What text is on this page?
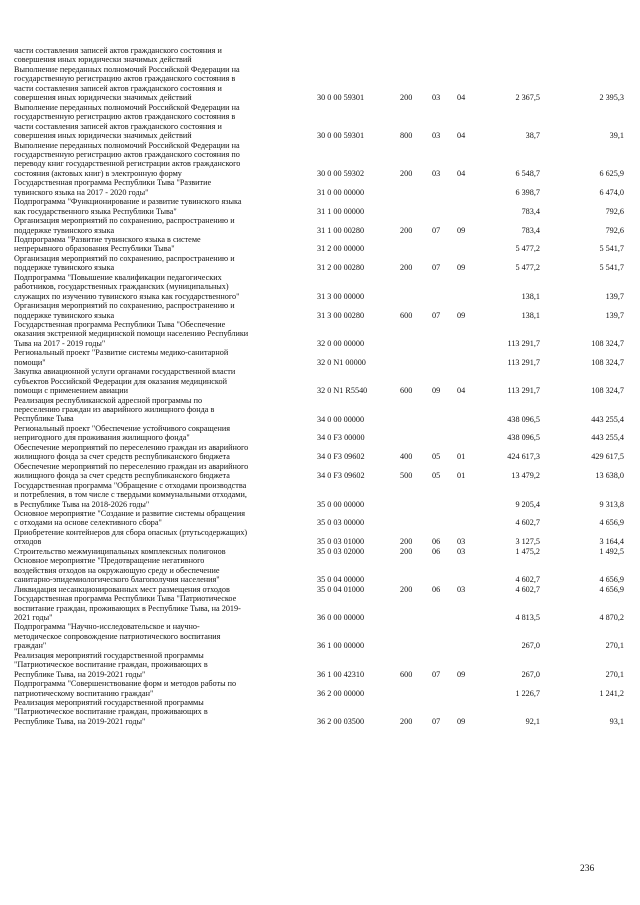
части составления записей актов гражданского состояния и
совершения иных юридически значимых действий
Выполнение переданных полномочий Российской Федерации на
государственную регистрацию актов гражданского состояния в
части составления записей актов гражданского состояния и
совершения иных юридически значимых действий	30 0 00 59301	200 03 04	2 367,5	2 395,3
Выполнение переданных полномочий Российской Федерации на
государственную регистрацию актов гражданского состояния в
части составления записей актов гражданского состояния и
совершения иных юридически значимых действий	30 0 00 59301	800 03 04	38,7	39,1
Выполнение переданных полномочий Российской Федерации на
государственную регистрацию актов гражданского состояния по
переводу книг государственной регистрации актов гражданского
состояния (актовых книг) в электронную форму	30 0 00 59302	200 03 04	6 548,7	6 625,9
Государственная программа Республики Тыва "Развитие
тувинского языка на 2017 - 2020 годы"	31 0 00 00000	6 398,7	6 474,0
Подпрограмма "Функционирование и развитие тувинского языка
как государственного языка Республики Тыва"	31 1 00 00000	783,4	792,6
Организация мероприятий по сохранению, распространению и
поддержке тувинского языка	31 1 00 00280	200 07 09	783,4	792,6
Подпрограмма "Развитие тувинского языка в системе
непрерывного образования Республики Тыва"	31 2 00 00000	5 477,2	5 541,7
Организация мероприятий по сохранению, распространению и
поддержке тувинского языка	31 2 00 00280	200 07 09	5 477,2	5 541,7
Подпрограмма "Повышение квалификации педагогических
работников, государственных гражданских (муниципальных)
служащих по изучению тувинского языка как государственного"	31 3 00 00000	138,1	139,7
Организация мероприятий по сохранению, распространению и
поддержке тувинского языка	31 3 00 00280	600 07 09	138,1	139,7
Государственная программа Республики Тыва "Обеспечение
оказания экстренной медицинской помощи населению Республики
Тыва на 2017 - 2019 годы"	32 0 00 00000	113 291,7	108 324,7
Региональный проект "Развитие системы медико-санитарной
помощи"	32 0 N1 00000	113 291,7	108 324,7
Закупка авиационной услуги органами государственной власти
субъектов Российской Федерации для оказания медицинской
помощи с применением авиации	32 0 N1 R5540	600 09 04	113 291,7	108 324,7
Реализация республиканской адресной программы по
переселению граждан из аварийного жилищного фонда в
Республике Тыва	34 0 00 00000	438 096,5	443 255,4
Региональный проект "Обеспечение устойчивого сокращения
непригодного для проживания жилищного фонда"	34 0 F3 00000	438 096,5	443 255,4
Обеспечение мероприятий по переселению граждан из аварийного
жилищного фонда за счет средств республиканского бюджета	34 0 F3 09602	400 05 01	424 617,3	429 617,5
Обеспечение мероприятий по переселению граждан из аварийного
жилищного фонда за счет средств республиканского бюджета	34 0 F3 09602	500 05 01	13 479,2	13 638,0
Государственная программа "Обращение с отходами производства
и потребления, в том числе с твердыми коммунальными отходами,
в Республике Тыва на 2018-2026 годы"	35 0 00 00000	9 205,4	9 313,8
Основное мероприятие "Создание и развитие системы обращения
с отходами на основе селективного сбора"	35 0 03 00000	4 602,7	4 656,9
Приобретение контейнеров для сбора опасных (ртутьсодержащих)
отходов	35 0 03 01000	200 06 03	3 127,5	3 164,4
Строительство межмуниципальных комплексных полигонов	35 0 03 02000	200 06 03	1 475,2	1 492,5
Основное мероприятие "Предотвращение негативного
воздействия отходов на окружающую среду и обеспечение
санитарно-эпидемиологического благополучия населения"	35 0 04 00000	4 602,7	4 656,9
Ликвидация несанкционированных мест размещения отходов	35 0 04 01000	200 06 03	4 602,7	4 656,9
Государственная программа Республики Тыва "Патриотическое
воспитание граждан, проживающих в Республике Тыва, на 2019-
2021 годы"	36 0 00 00000	4 813,5	4 870,2
Подпрограмма "Научно-исследовательское и научно-
методическое сопровождение патриотического воспитания
граждан"	36 1 00 00000	267,0	270,1
Реализация мероприятий государственной программы
"Патриотическое воспитание граждан, проживающих в
Республике Тыва, на 2019-2021 годы"	36 1 00 42310	600 07 09	267,0	270,1
Подпрограмма "Совершенствование форм и методов работы по
патриотическому воспитанию граждан"	36 2 00 00000	1 226,7	1 241,2
Реализация мероприятий государственной программы
"Патриотическое воспитание граждан, проживающих в
Республике Тыва, на 2019-2021 годы"	36 2 00 03500	200 07 09	92,1	93,1
236
